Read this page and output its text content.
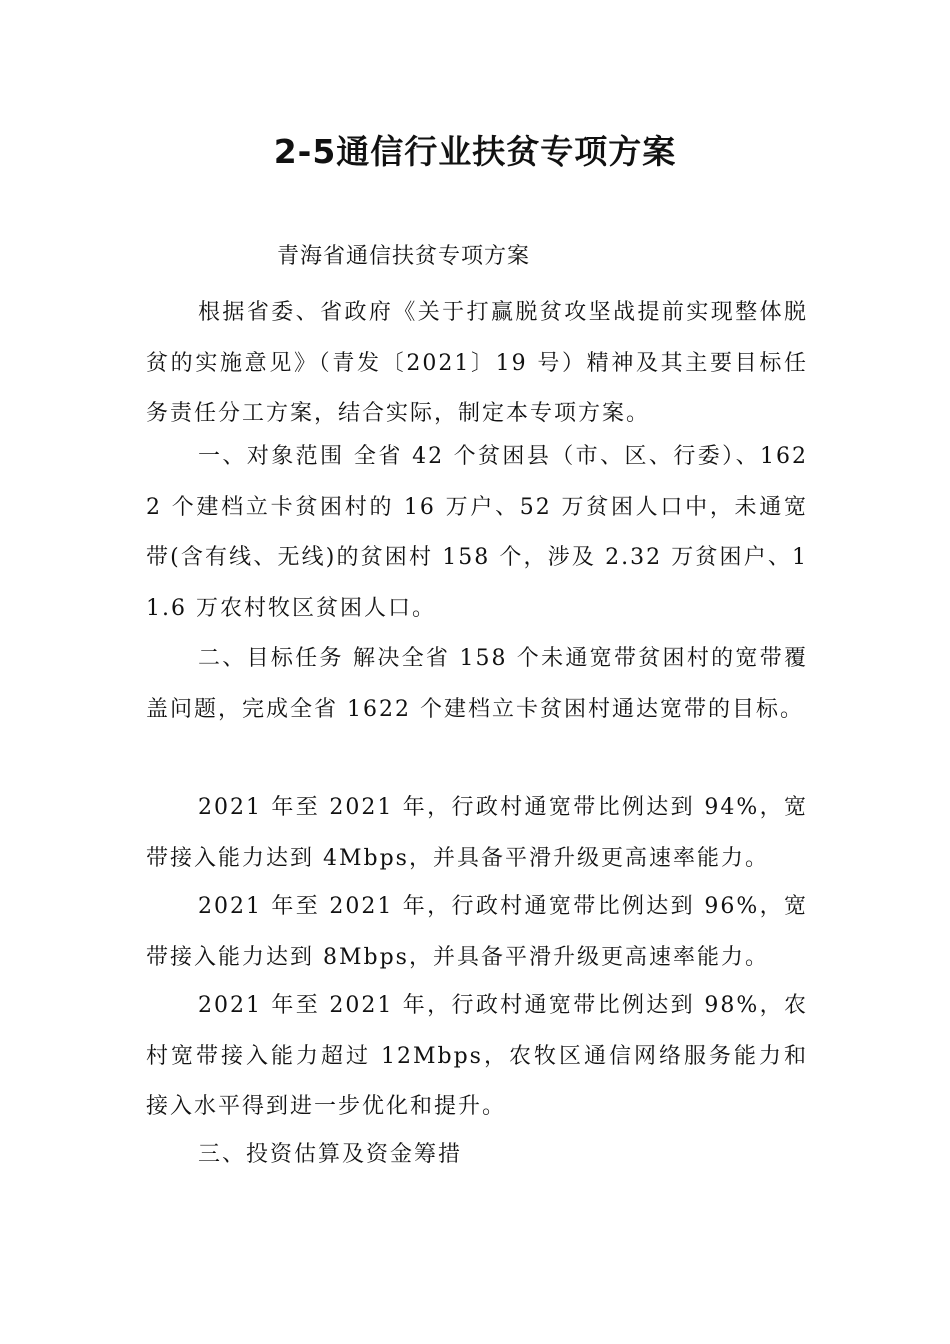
2-5通信行业扶贫专项方案
青海省通信扶贫专项方案

根据省委、省政府《关于打赢脱贫攻坚战提前实现整体脱贫的实施意见》（青发〔2021〕19 号）精神及其主要目标任务责任分工方案，结合实际，制定本专项方案。

一、对象范围 全省 42 个贫困县（市、区、行委）、1622 个建档立卡贫困村的 16 万户、52 万贫困人口中，未通宽带(含有线、无线)的贫困村 158 个，涉及 2.32 万贫困户、11.6 万农村牧区贫困人口。

二、目标任务 解决全省 158 个未通宽带贫困村的宽带覆盖问题，完成全省 1622 个建档立卡贫困村通达宽带的目标。

2021 年至 2021 年，行政村通宽带比例达到 94%，宽带接入能力达到 4Mbps，并具备平滑升级更高速率能力。

2021 年至 2021 年，行政村通宽带比例达到 96%，宽带接入能力达到 8Mbps，并具备平滑升级更高速率能力。

2021 年至 2021 年，行政村通宽带比例达到 98%，农村宽带接入能力超过 12Mbps，农牧区通信网络服务能力和接入水平得到进一步优化和提升。

三、投资估算及资金筹措
